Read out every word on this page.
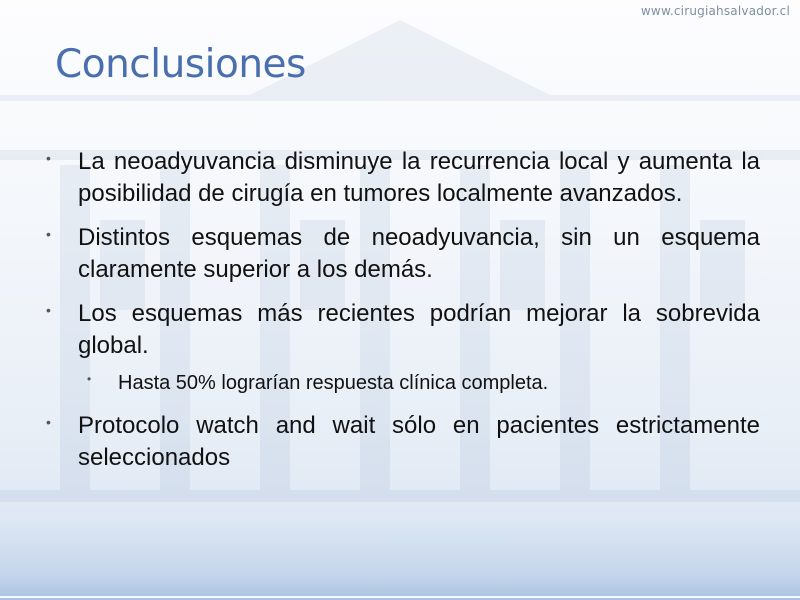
www.cirugiahsalvador.cl
Conclusiones
• La neoadyuvancia disminuye la recurrencia local y aumenta la posibilidad de cirugía en tumores localmente avanzados.
• Distintos esquemas de neoadyuvancia, sin un esquema claramente superior a los demás.
• Los esquemas más recientes podrían mejorar la sobrevida global.
• Hasta 50% lograrían respuesta clínica completa.
• Protocolo watch and wait sólo en pacientes estrictamente seleccionados
